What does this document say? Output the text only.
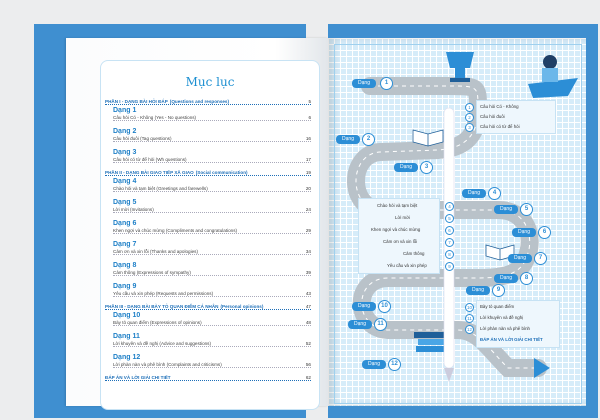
Mục lục
PHẦN I - DẠNG BÀI HỎI ĐÁP (Questions and responses)	5
Dạng 1
Câu hỏi Có - Không (Yes - No questions)	6
Dạng 2
Câu hỏi đuôi (Tag questions)	16
Dạng 3
Câu hỏi có từ để hỏi (Wh questions)	17
PHẦN II - DẠNG BÀI GIAO TIẾP XÃ GIAO (Social communication)	19
Dạng 4
Chào hỏi và tạm biệt (Greetings and farewells)	20
Dạng 5
Lời mời (Invitations)	24
Dạng 6
Khen ngợi và chúc mừng (Compliments and congratulations)	29
Dạng 7
Cảm ơn và xin lỗi (Thanks and apologies)	34
Dạng 8
Cảm thông (Expressions of sympathy)	39
Dạng 9
Yêu cầu và xin phép (Requests and permissions)	43
PHẦN III - DẠNG BÀI BÀY TỎ QUAN ĐIỂM CÁ NHÂN (Personal opinions)	47
Dạng 10
Bày tỏ quan điểm (Expressions of opinions)	48
Dạng 11
Lời khuyên và đề nghị (Advice and suggestions)	52
Dạng 12
Lời phàn nàn và phê bình (Complaints and criticisms)	56
ĐÁP ÁN VÀ LỜI GIẢI CHI TIẾT	62
Dạng	1
Dạng	2
Dạng	3
Dạng	4
Dạng	5
Dạng	6
Dạng	7
Dạng	8
Dạng	9
Dạng	10
Dạng	11
Dạng	12
1	Câu hỏi Có - Không
2	Câu hỏi đuôi
3	Câu hỏi có từ để hỏi
Chào hỏi và tạm biệt	4
Lời mời	5
Khen ngợi và chúc mừng	6
Cảm ơn và xin lỗi	7
Cảm thông	8
Yêu cầu và xin phép	9
10	Bày tỏ quan điểm
11	Lời khuyên và đề nghị
12	Lời phàn nàn và phê bình
ĐÁP ÁN VÀ LỜI GIẢI CHI TIẾT
